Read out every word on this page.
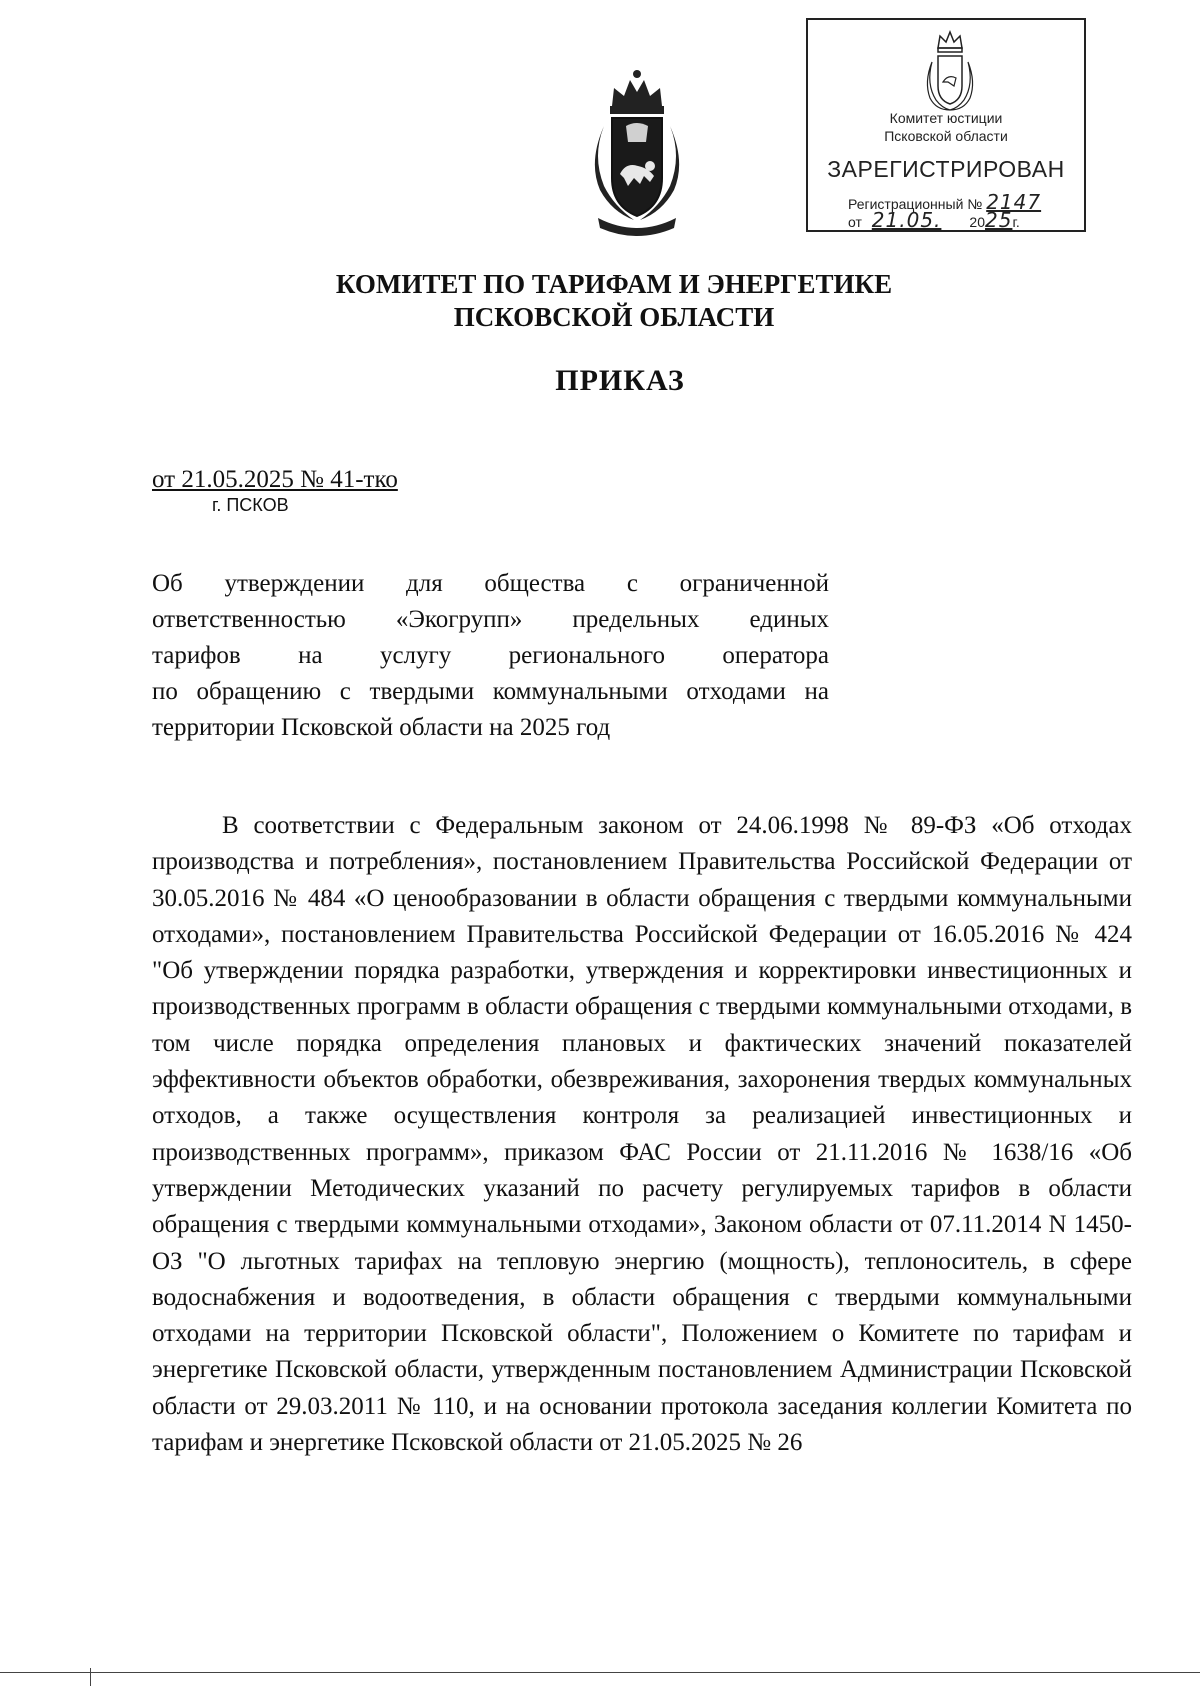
Комитет юстиции
Псковской области
ЗАРЕГИСТРИРОВАН
Регистрационный № 2147
от 21.05. 2025г.
КОМИТЕТ ПО ТАРИФАМ И ЭНЕРГЕТИКЕ
ПСКОВСКОЙ ОБЛАСТИ
ПРИКАЗ
от 21.05.2025 № 41-тко
г. ПСКОВ
Об утверждении для общества с ограниченной
ответственностью «Экогрупп» предельных единых
тарифов на услугу регионального оператора
по обращению с твердыми коммунальными отходами на
территории Псковской области на 2025 год

В соответствии с Федеральным законом от 24.06.1998 № 89-ФЗ «Об отходах производства и потребления», постановлением Правительства Российской Федерации от 30.05.2016 № 484 «О ценообразовании в области обращения с твердыми коммунальными отходами», постановлением Правительства Российской Федерации от 16.05.2016 № 424 "Об утверждении порядка разработки, утверждения и корректировки инвестиционных и производственных программ в области обращения с твердыми коммунальными отходами, в том числе порядка определения плановых и фактических значений показателей эффективности объектов обработки, обезвреживания, захоронения твердых коммунальных отходов, а также осуществления контроля за реализацией инвестиционных и производственных программ», приказом ФАС России от 21.11.2016 № 1638/16 «Об утверждении Методических указаний по расчету регулируемых тарифов в области обращения с твердыми коммунальными отходами», Законом области от 07.11.2014 N 1450-ОЗ "О льготных тарифах на тепловую энергию (мощность), теплоноситель, в сфере водоснабжения и водоотведения, в области обращения с твердыми коммунальными отходами на территории Псковской области", Положением о Комитете по тарифам и энергетике Псковской области, утвержденным постановлением Администрации Псковской области от 29.03.2011 № 110, и на основании протокола заседания коллегии Комитета по тарифам и энергетике Псковской области от 21.05.2025 № 26
